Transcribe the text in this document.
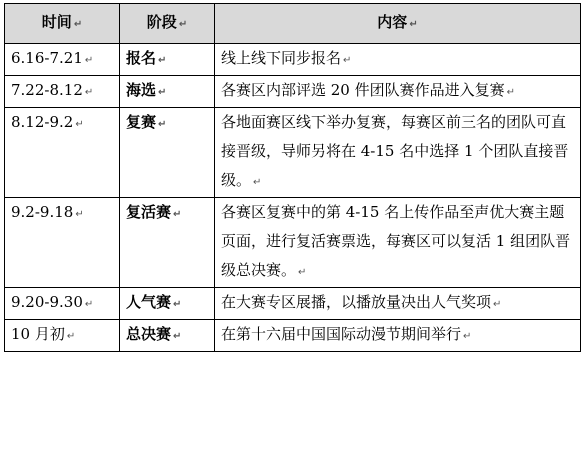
时间 ↵	阶段 ↵	内容 ↵
6.16-7.21 ↵	报名 ↵	线上线下同步报名 ↵
7.22-8.12 ↵	海选 ↵	各赛区内部评选 20 件团队赛作品进入复赛 ↵
8.12-9.2 ↵	复赛 ↵	各地面赛区线下举办复赛，每赛区前三名的团队可直接晋级，导师另将在 4-15 名中选择 1 个团队直接晋级。 ↵
9.2-9.18 ↵	复活赛 ↵	各赛区复赛中的第 4-15 名上传作品至声优大赛主题页面，进行复活赛票选，每赛区可以复活 1 组团队晋级总决赛。 ↵
9.20-9.30 ↵	人气赛 ↵	在大赛专区展播，以播放量决出人气奖项 ↵
10 月初 ↵	总决赛 ↵	在第十六届中国国际动漫节期间举行 ↵
